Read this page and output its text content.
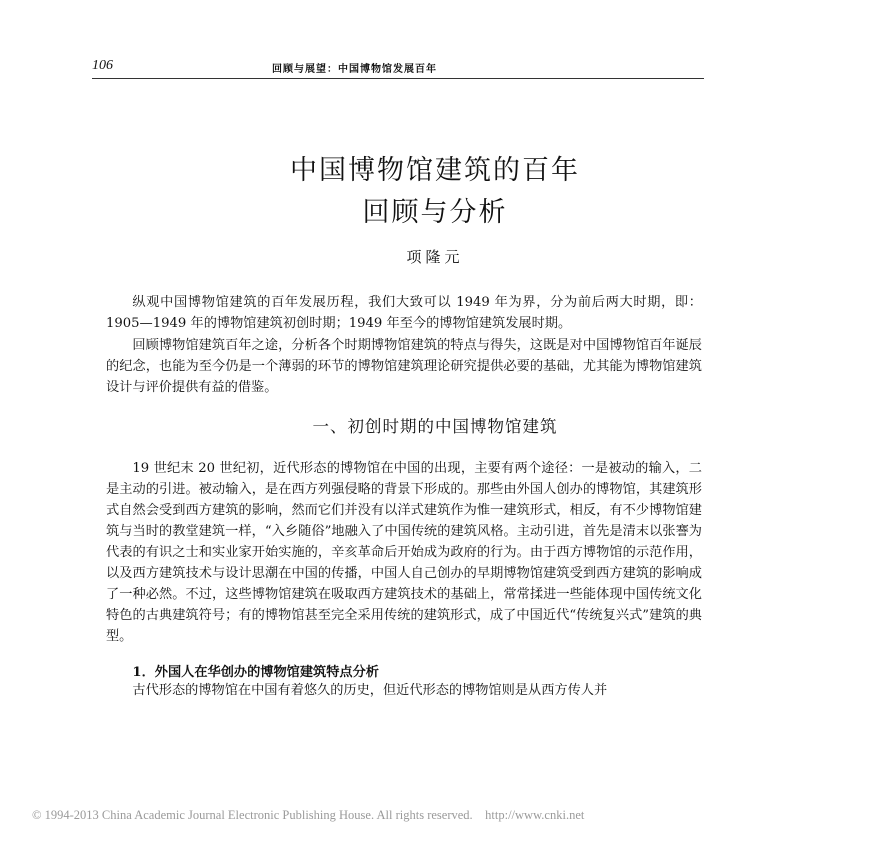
106	回顾与展望：中国博物馆发展百年
中国博物馆建筑的百年
回顾与分析
项隆元

纵观中国博物馆建筑的百年发展历程，我们大致可以 1949 年为界，分为前后两大时期，即：1905—1949 年的博物馆建筑初创时期；1949 年至今的博物馆建筑发展时期。

回顾博物馆建筑百年之途，分析各个时期博物馆建筑的特点与得失，这既是对中国博物馆百年诞辰的纪念，也能为至今仍是一个薄弱的环节的博物馆建筑理论研究提供必要的基础，尤其能为博物馆建筑设计与评价提供有益的借鉴。

一、初创时期的中国博物馆建筑

19 世纪末 20 世纪初，近代形态的博物馆在中国的出现，主要有两个途径：一是被动的输入，二是主动的引进。被动输入，是在西方列强侵略的背景下形成的。那些由外国人创办的博物馆，其建筑形式自然会受到西方建筑的影响，然而它们并没有以洋式建筑作为惟一建筑形式，相反，有不少博物馆建筑与当时的教堂建筑一样，“入乡随俗”地融入了中国传统的建筑风格。主动引进，首先是清末以张謇为代表的有识之士和实业家开始实施的，辛亥革命后开始成为政府的行为。由于西方博物馆的示范作用，以及西方建筑技术与设计思潮在中国的传播，中国人自己创办的早期博物馆建筑受到西方建筑的影响成了一种必然。不过，这些博物馆建筑在吸取西方建筑技术的基础上，常常揉进一些能体现中国传统文化特色的古典建筑符号；有的博物馆甚至完全采用传统的建筑形式，成了中国近代“传统复兴式”建筑的典型。

1．外国人在华创办的博物馆建筑特点分析

古代形态的博物馆在中国有着悠久的历史，但近代形态的博物馆则是从西方传人并

© 1994-2013 China Academic Journal Electronic Publishing House. All rights reserved.    http://www.cnki.net
